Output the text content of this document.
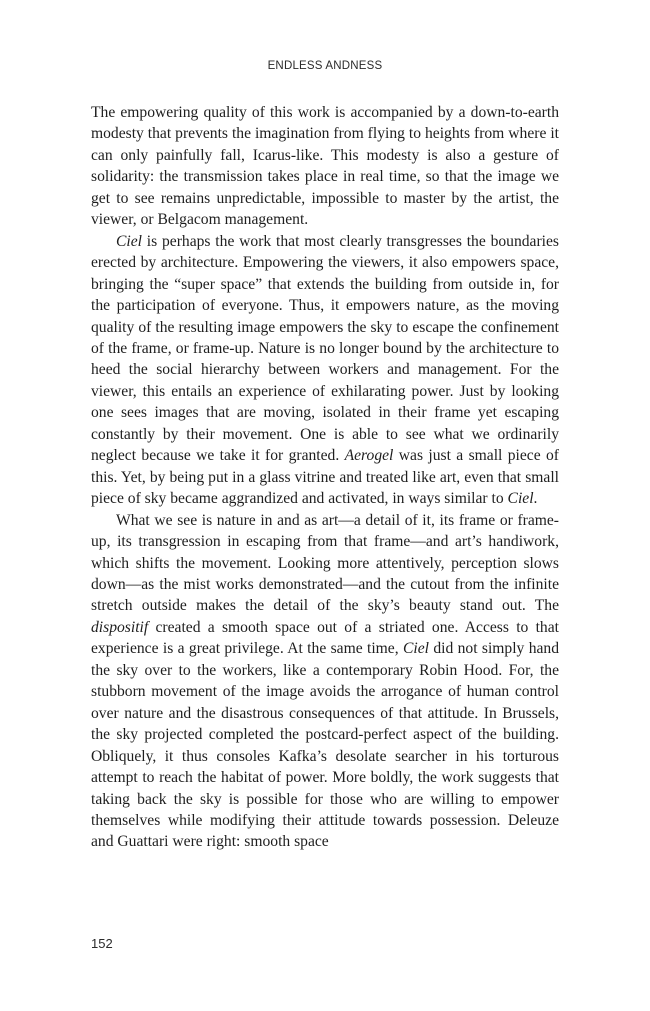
ENDLESS ANDNESS

The empowering quality of this work is accompanied by a down-to-earth modesty that prevents the imagination from flying to heights from where it can only painfully fall, Icarus-like. This modesty is also a gesture of solidarity: the transmission takes place in real time, so that the image we get to see remains unpredictable, impossible to master by the artist, the viewer, or Belgacom management.

Ciel is perhaps the work that most clearly transgresses the boundaries erected by architecture. Empowering the viewers, it also empowers space, bringing the “super space” that extends the building from outside in, for the participation of everyone. Thus, it empowers nature, as the moving quality of the resulting image empowers the sky to escape the confinement of the frame, or frame-up. Nature is no longer bound by the architecture to heed the social hierarchy between workers and management. For the viewer, this entails an experience of exhilarating power. Just by looking one sees images that are moving, isolated in their frame yet escaping constantly by their movement. One is able to see what we ordinarily neglect because we take it for granted. Aerogel was just a small piece of this. Yet, by being put in a glass vitrine and treated like art, even that small piece of sky became aggrandized and activated, in ways similar to Ciel.

What we see is nature in and as art—a detail of it, its frame or frame-up, its transgression in escaping from that frame—and art’s handiwork, which shifts the movement. Looking more attentively, perception slows down—as the mist works demonstrated—and the cutout from the infinite stretch outside makes the detail of the sky’s beauty stand out. The dispositif created a smooth space out of a striated one. Access to that experience is a great privilege. At the same time, Ciel did not simply hand the sky over to the workers, like a contemporary Robin Hood. For, the stubborn movement of the image avoids the arrogance of human control over nature and the disastrous consequences of that attitude. In Brussels, the sky projected completed the postcard-perfect aspect of the building. Obliquely, it thus consoles Kafka’s desolate searcher in his torturous attempt to reach the habitat of power. More boldly, the work suggests that taking back the sky is possible for those who are willing to empower themselves while modifying their attitude towards possession. Deleuze and Guattari were right: smooth space

152
